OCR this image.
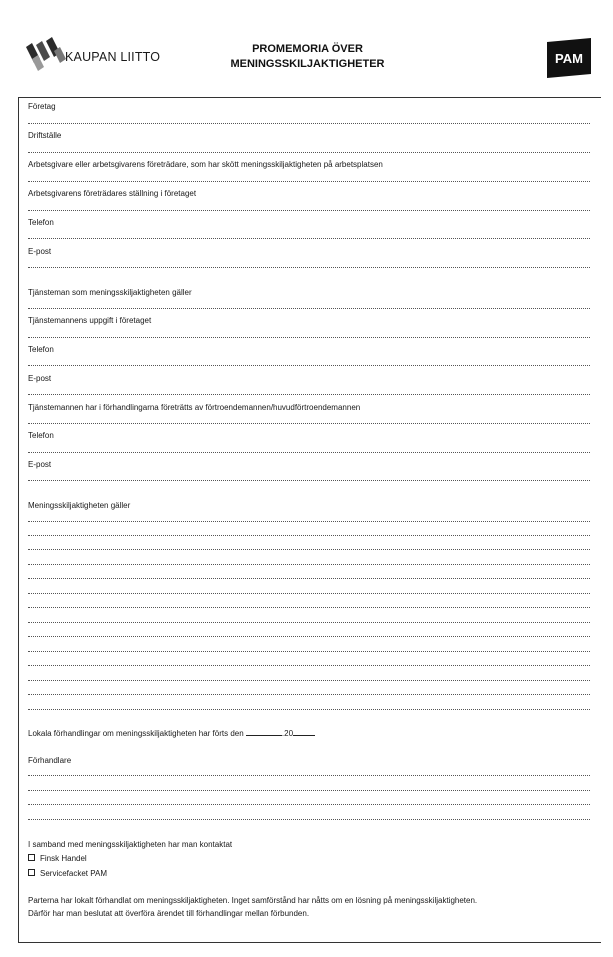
KAUPAN LIITTO
PROMEMORIA ÖVER
MENINGSSKILJAKTIGHETER	PAM
Företag
Driftställe
Arbetsgivare eller arbetsgivarens företrädare, som har skött meningsskiljaktigheten på arbetsplatsen
Arbetsgivarens företrädares ställning i företaget
Telefon
E-post
Tjänsteman som meningsskiljaktigheten gäller
Tjänstemannens uppgift i företaget
Telefon
E-post
Tjänstemannen har i förhandlingarna företrätts av förtroendemannen/huvudförtroendemannen
Telefon
E-post
Meningsskiljaktigheten gäller
Lokala förhandlingar om meningsskiljaktigheten har förts den	.20
Förhandlare
I samband med meningsskiljaktigheten har man kontaktat
Finsk Handel
Servicefacket PAM
Parterna har lokalt förhandlat om meningsskiljaktigheten. Inget samförstånd har nåtts om en lösning på meningsskiljaktigheten.
Därför har man beslutat att överföra ärendet till förhandlingar mellan förbunden.
